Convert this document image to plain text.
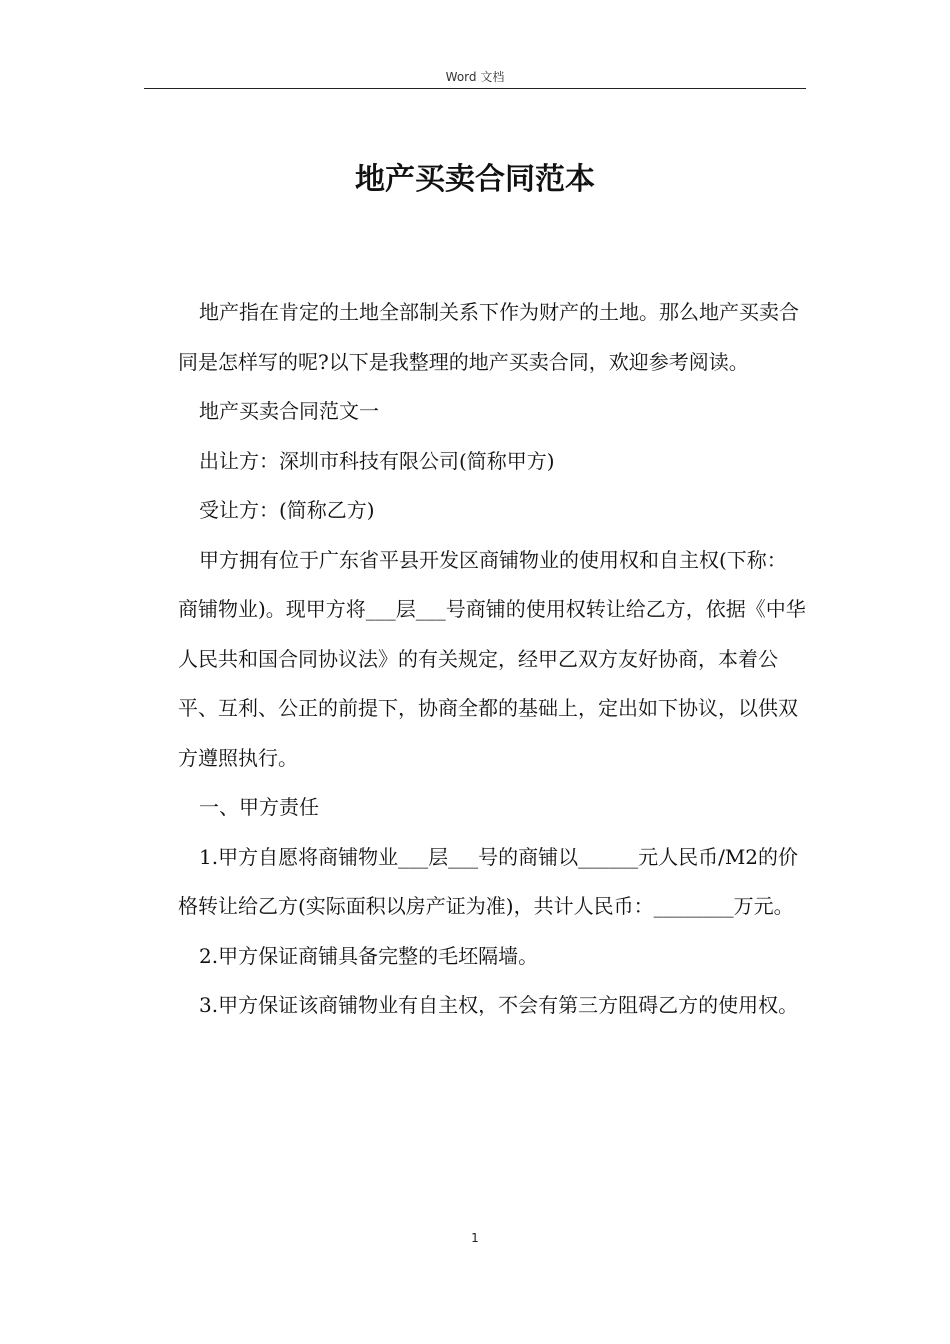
Word 文档
地产买卖合同范本

地产指在肯定的土地全部制关系下作为财产的土地。那么地产买卖合同是怎样写的呢?以下是我整理的地产买卖合同，欢迎参考阅读。

地产买卖合同范文一

出让方：深圳市科技有限公司(简称甲方)

受让方：(简称乙方)

甲方拥有位于广东省平县开发区商铺物业的使用权和自主权(下称：商铺物业)。现甲方将___层___号商铺的使用权转让给乙方，依据《中华人民共和国合同协议法》的有关规定，经甲乙双方友好协商，本着公平、互利、公正的前提下，协商全都的基础上，定出如下协议，以供双方遵照执行。

一、甲方责任

1.甲方自愿将商铺物业___层___号的商铺以______元人民币/M2的价格转让给乙方(实际面积以房产证为准)，共计人民币：________万元。

2.甲方保证商铺具备完整的毛坯隔墙。

3.甲方保证该商铺物业有自主权，不会有第三方阻碍乙方的使用权。

1
